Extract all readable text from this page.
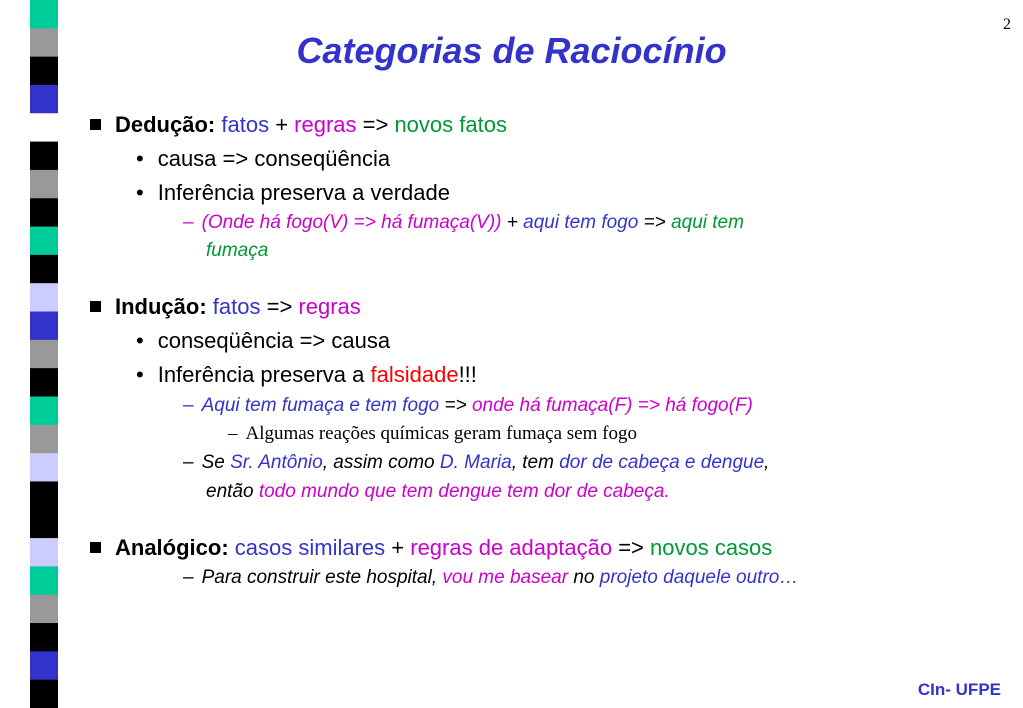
2
Categorias de Raciocínio
Dedução: fatos + regras => novos fatos
• causa => conseqüência
• Inferência preserva a verdade
– (Onde há fogo(V) => há fumaça(V)) + aqui tem fogo => aqui tem
fumaça
Indução: fatos => regras
• conseqüência => causa
• Inferência preserva a falsidade!!!
– Aqui tem fumaça e tem fogo => onde há fumaça(F) => há fogo(F)
– Algumas reações químicas geram fumaça sem fogo
– Se Sr. Antônio, assim como D. Maria, tem dor de cabeça e dengue,
então todo mundo que tem dengue tem dor de cabeça.
Analógico: casos similares + regras de adaptação => novos casos
– Para construir este hospital, vou me basear no projeto daquele outro…
CIn- UFPE
